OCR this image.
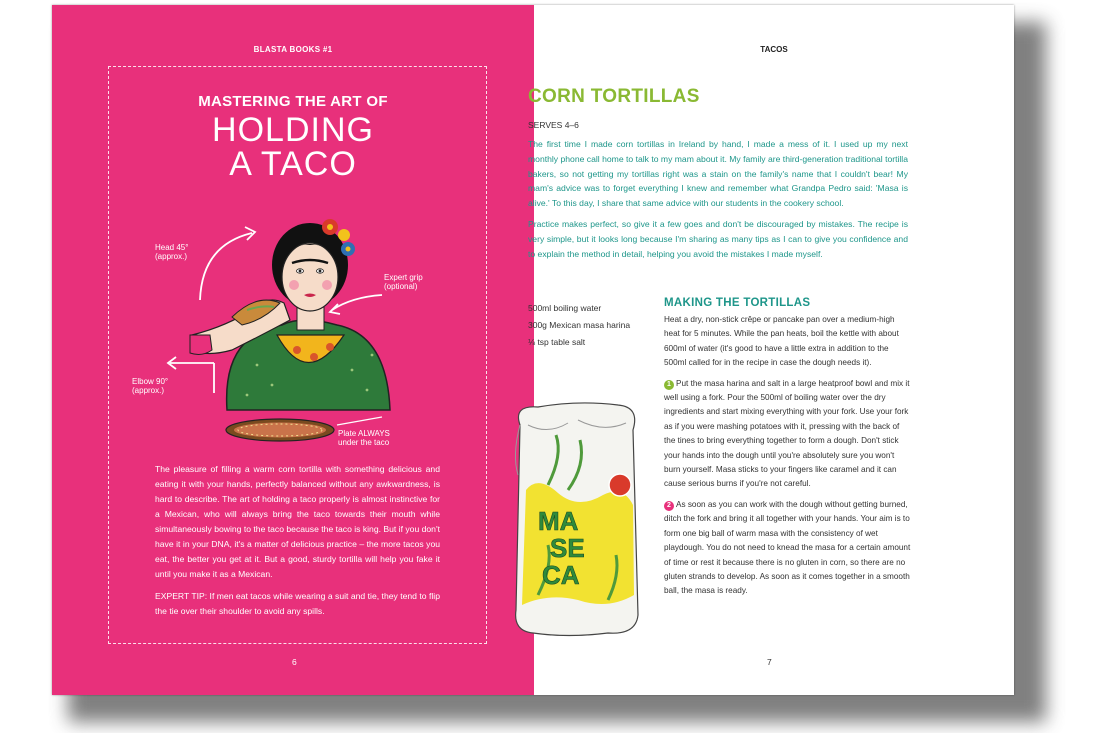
BLASTA BOOKS #1
MASTERING THE ART OF
HOLDING
A TACO
Head 45°
(approx.)
Expert grip
(optional)
Elbow 90°
(approx.)
Plate ALWAYS
under the taco

The pleasure of filling a warm corn tortilla with something delicious and eating it with your hands, perfectly balanced without any awkwardness, is hard to describe. The art of holding a taco properly is almost instinctive for a Mexican, who will always bring the taco towards their mouth while simultaneously bowing to the taco because the taco is king. But if you don't have it in your DNA, it's a matter of delicious practice – the more tacos you eat, the better you get at it. But a good, sturdy tortilla will help you fake it until you make it as a Mexican.

EXPERT TIP: If men eat tacos while wearing a suit and tie, they tend to flip the tie over their shoulder to avoid any spills.

6
TACOS
7
CORN TORTILLAS
SERVES 4–6

The first time I made corn tortillas in Ireland by hand, I made a mess of it. I used up my next monthly phone call home to talk to my mam about it. My family are third-generation traditional tortilla bakers, so not getting my tortillas right was a stain on the family's name that I couldn't bear! My mam's advice was to forget everything I knew and remember what Grandpa Pedro said: 'Masa is alive.' To this day, I share that same advice with our students in the cookery school.

Practice makes perfect, so give it a few goes and don't be discouraged by mistakes. The recipe is very simple, but it looks long because I'm sharing as many tips as I can to give you confidence and to explain the method in detail, helping you avoid the mistakes I made myself.

500ml boiling water
300g Mexican masa harina
⅛ tsp table salt
MAKING THE TORTILLAS

Heat a dry, non-stick crêpe or pancake pan over a medium-high heat for 5 minutes. While the pan heats, boil the kettle with about 600ml of water (it's good to have a little extra in addition to the 500ml called for in the recipe in case the dough needs it).

1 Put the masa harina and salt in a large heatproof bowl and mix it well using a fork. Pour the 500ml of boiling water over the dry ingredients and start mixing everything with your fork. Use your fork as if you were mashing potatoes with it, pressing with the back of the tines to bring everything together to form a dough. Don't stick your hands into the dough until you're absolutely sure you won't burn yourself. Masa sticks to your fingers like caramel and it can cause serious burns if you're not careful.

2 As soon as you can work with the dough without getting burned, ditch the fork and bring it all together with your hands. Your aim is to form one big ball of warm masa with the consistency of wet playdough. You do not need to knead the masa for a certain amount of time or rest it because there is no gluten in corn, so there are no gluten strands to develop. As soon as it comes together in a smooth ball, the masa is ready.

MA
SE
CA
